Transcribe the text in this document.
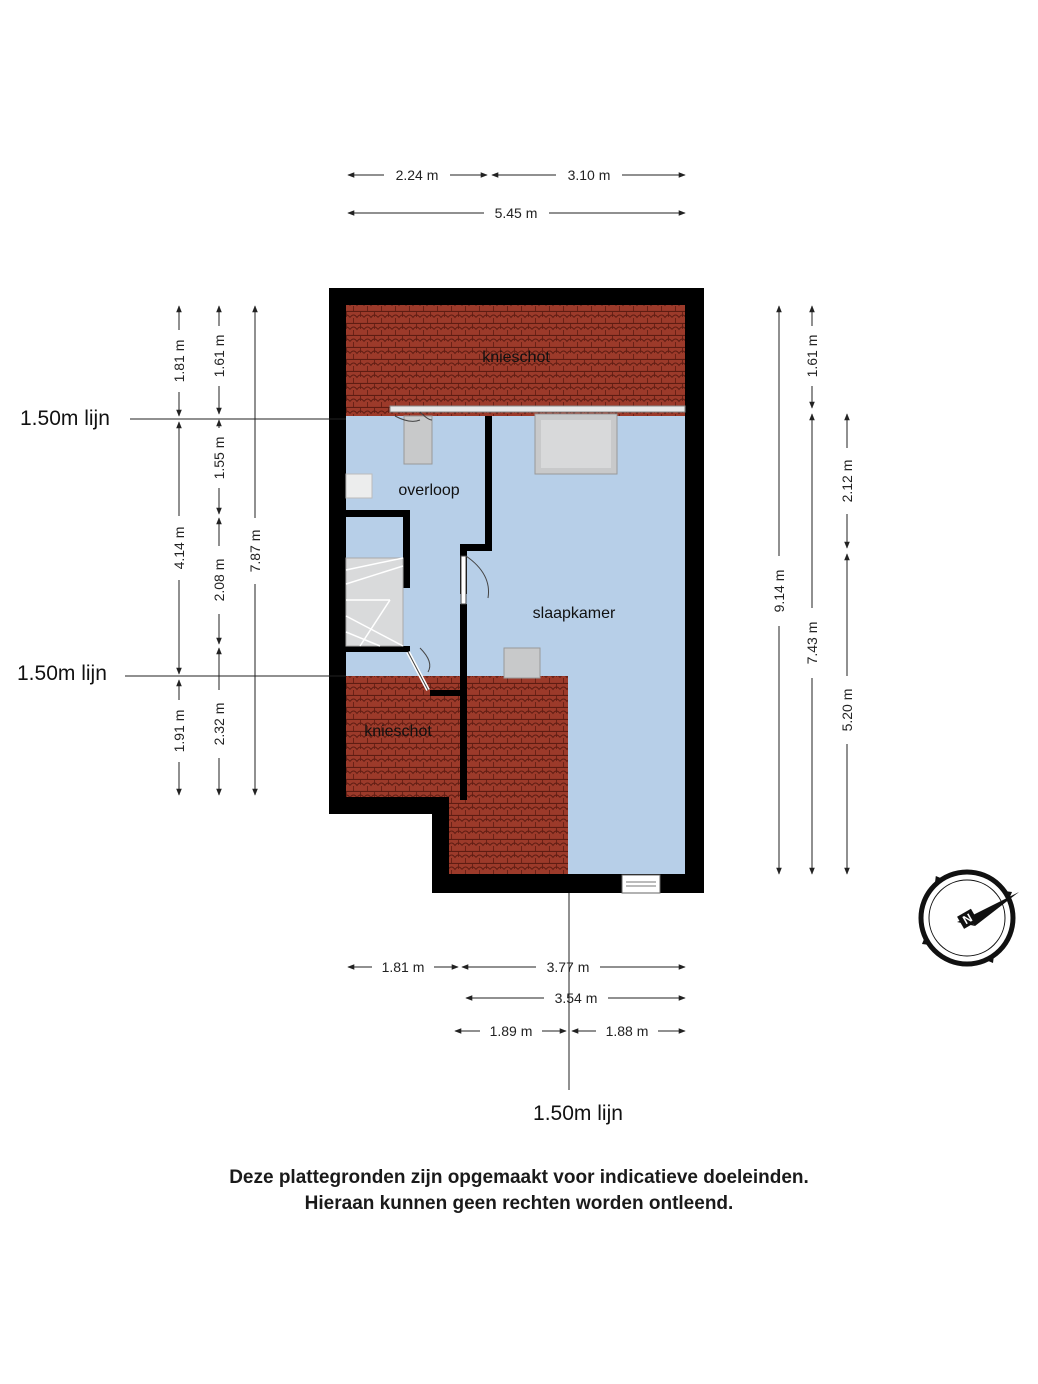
knieschot
overloop
slaapkamer
knieschot
1.50m lijn
1.50m lijn
1.50m lijn
2.24 m	3.10 m
5.45 m
1.81 m
4.14 m
1.91 m
1.61 m
1.55 m
2.08 m
2.32 m
7.87 m
9.14 m
1.61 m
7.43 m
2.12 m
5.20 m
1.81 m	3.77 m
3.54 m
1.89 m	1.88 m
N
Deze plattegronden zijn opgemaakt voor indicatieve doeleinden.
Hieraan kunnen geen rechten worden ontleend.
